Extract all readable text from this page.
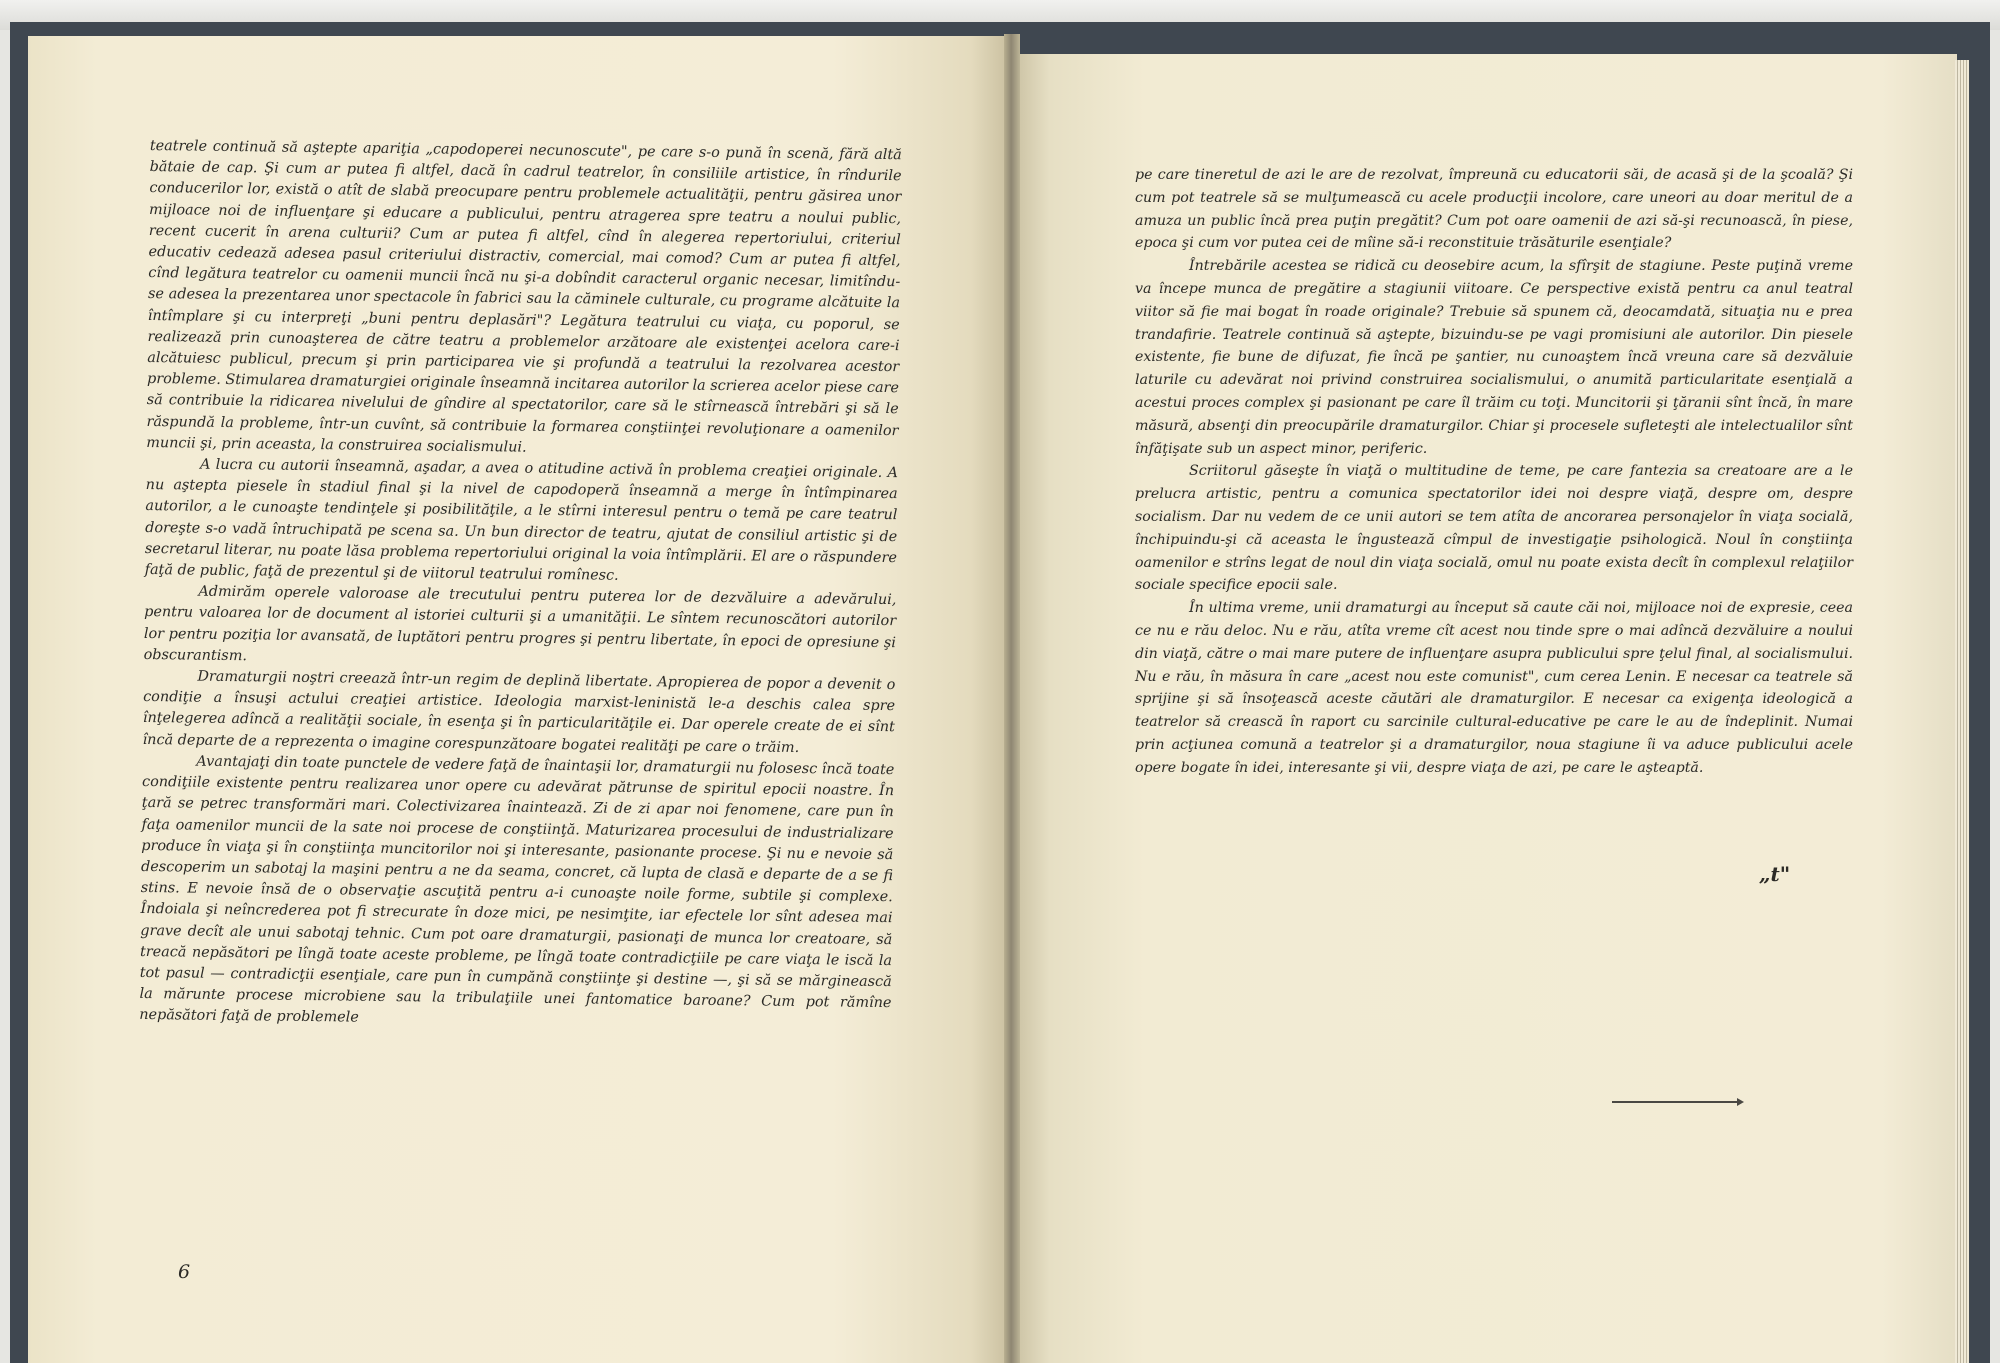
teatrele continuă să aştepte apariţia „capodoperei necunoscute", pe care s-o pună în scenă, fără altă bătaie de cap. Şi cum ar putea fi altfel, dacă în cadrul teatrelor, în consiliile artistice, în rîndurile conducerilor lor, există o atît de slabă preocupare pentru problemele actualităţii, pentru găsirea unor mijloace noi de influenţare şi educare a publicului, pentru atragerea spre teatru a noului public, recent cucerit în arena culturii? Cum ar putea fi altfel, cînd în alegerea repertoriului, criteriul educativ cedează adesea pasul criteriului distractiv, comercial, mai comod? Cum ar putea fi altfel, cînd legătura teatrelor cu oamenii muncii încă nu şi-a dobîndit caracterul organic necesar, limitîndu-se adesea la prezentarea unor spectacole în fabrici sau la căminele culturale, cu programe alcătuite la întîmplare şi cu interpreţi „buni pentru deplasări"? Legătura teatrului cu viaţa, cu poporul, se realizează prin cunoaşterea de către teatru a problemelor arzătoare ale existenţei acelora care-i alcătuiesc publicul, precum şi prin participarea vie şi profundă a teatrului la rezolvarea acestor probleme. Stimularea dramaturgiei originale înseamnă incitarea autorilor la scrierea acelor piese care să contribuie la ridicarea nivelului de gîndire al spectatorilor, care să le stîrnească întrebări şi să le răspundă la probleme, într-un cuvînt, să contribuie la formarea conştiinţei revoluţionare a oamenilor muncii şi, prin aceasta, la construirea socialismului.

A lucra cu autorii înseamnă, aşadar, a avea o atitudine activă în problema creaţiei originale. A nu aştepta piesele în stadiul final şi la nivel de capodoperă înseamnă a merge în întîmpinarea autorilor, a le cunoaşte tendinţele şi posibilităţile, a le stîrni interesul pentru o temă pe care teatrul doreşte s-o vadă întruchipată pe scena sa. Un bun director de teatru, ajutat de consiliul artistic şi de secretarul literar, nu poate lăsa problema repertoriului original la voia întîmplării. El are o răspundere faţă de public, faţă de prezentul şi de viitorul teatrului romînesc.

Admirăm operele valoroase ale trecutului pentru puterea lor de dezvăluire a adevărului, pentru valoarea lor de document al istoriei culturii şi a umanităţii. Le sîntem recunoscători autorilor lor pentru poziţia lor avansată, de luptători pentru progres şi pentru libertate, în epoci de opresiune şi obscurantism.

Dramaturgii noştri creează într-un regim de deplină libertate. Apropierea de popor a devenit o condiţie a însuşi actului creaţiei artistice. Ideologia marxist-leninistă le-a deschis calea spre înţelegerea adîncă a realităţii sociale, în esenţa şi în particularităţile ei. Dar operele create de ei sînt încă departe de a reprezenta o imagine corespunzătoare bogatei realităţi pe care o trăim.

Avantajaţi din toate punctele de vedere faţă de înaintaşii lor, dramaturgii nu folosesc încă toate condiţiile existente pentru realizarea unor opere cu adevărat pătrunse de spiritul epocii noastre. În ţară se petrec transformări mari. Colectivizarea înaintează. Zi de zi apar noi fenomene, care pun în faţa oamenilor muncii de la sate noi procese de conştiinţă. Maturizarea procesului de industrializare produce în viaţa şi în conştiinţa muncitorilor noi şi interesante, pasionante procese. Şi nu e nevoie să descoperim un sabotaj la maşini pentru a ne da seama, concret, că lupta de clasă e departe de a se fi stins. E nevoie însă de o observaţie ascuţită pentru a-i cunoaşte noile forme, subtile şi complexe. Îndoiala şi neîncrederea pot fi strecurate în doze mici, pe nesimţite, iar efectele lor sînt adesea mai grave decît ale unui sabotaj tehnic. Cum pot oare dramaturgii, pasionaţi de munca lor creatoare, să treacă nepăsători pe lîngă toate aceste probleme, pe lîngă toate contradicţiile pe care viaţa le iscă la tot pasul — contradicţii esenţiale, care pun în cumpănă conştiinţe şi destine —, şi să se mărginească la mărunte procese microbiene sau la tribulaţiile unei fantomatice baroane? Cum pot rămîne nepăsători faţă de problemele

6

pe care tineretul de azi le are de rezolvat, împreună cu educatorii săi, de acasă şi de la şcoală? Şi cum pot teatrele să se mulţumească cu acele producţii incolore, care uneori au doar meritul de a amuza un public încă prea puţin pregătit? Cum pot oare oamenii de azi să-şi recunoască, în piese, epoca şi cum vor putea cei de mîine să-i reconstituie trăsăturile esenţiale?

Întrebările acestea se ridică cu deosebire acum, la sfîrşit de stagiune. Peste puţină vreme va începe munca de pregătire a stagiunii viitoare. Ce perspective există pentru ca anul teatral viitor să fie mai bogat în roade originale? Trebuie să spunem că, deocamdată, situaţia nu e prea trandafirie. Teatrele continuă să aştepte, bizuindu-se pe vagi promisiuni ale autorilor. Din piesele existente, fie bune de difuzat, fie încă pe şantier, nu cunoaştem încă vreuna care să dezvăluie laturile cu adevărat noi privind construirea socialismului, o anumită particularitate esenţială a acestui proces complex şi pasionant pe care îl trăim cu toţi. Muncitorii şi ţăranii sînt încă, în mare măsură, absenţi din preocupările dramaturgilor. Chiar şi procesele sufleteşti ale intelectualilor sînt înfăţişate sub un aspect minor, periferic.

Scriitorul găseşte în viaţă o multitudine de teme, pe care fantezia sa creatoare are a le prelucra artistic, pentru a comunica spectatorilor idei noi despre viaţă, despre om, despre socialism. Dar nu vedem de ce unii autori se tem atîta de ancorarea personajelor în viaţa socială, închipuindu-şi că aceasta le îngustează cîmpul de investigaţie psihologică. Noul în conştiinţa oamenilor e strîns legat de noul din viaţa socială, omul nu poate exista decît în complexul relaţiilor sociale specifice epocii sale.

În ultima vreme, unii dramaturgi au început să caute căi noi, mijloace noi de expresie, ceea ce nu e rău deloc. Nu e rău, atîta vreme cît acest nou tinde spre o mai adîncă dezvăluire a noului din viaţă, către o mai mare putere de influenţare asupra publicului spre ţelul final, al socialismului. Nu e rău, în măsura în care „acest nou este comunist", cum cerea Lenin. E necesar ca teatrele să sprijine şi să însoţească aceste căutări ale dramaturgilor. E necesar ca exigenţa ideologică a teatrelor să crească în raport cu sarcinile cultural-educative pe care le au de îndeplinit. Numai prin acţiunea comună a teatrelor şi a dramaturgilor, noua stagiune îi va aduce publicului acele opere bogate în idei, interesante şi vii, despre viaţa de azi, pe care le aşteaptă.

„t"
